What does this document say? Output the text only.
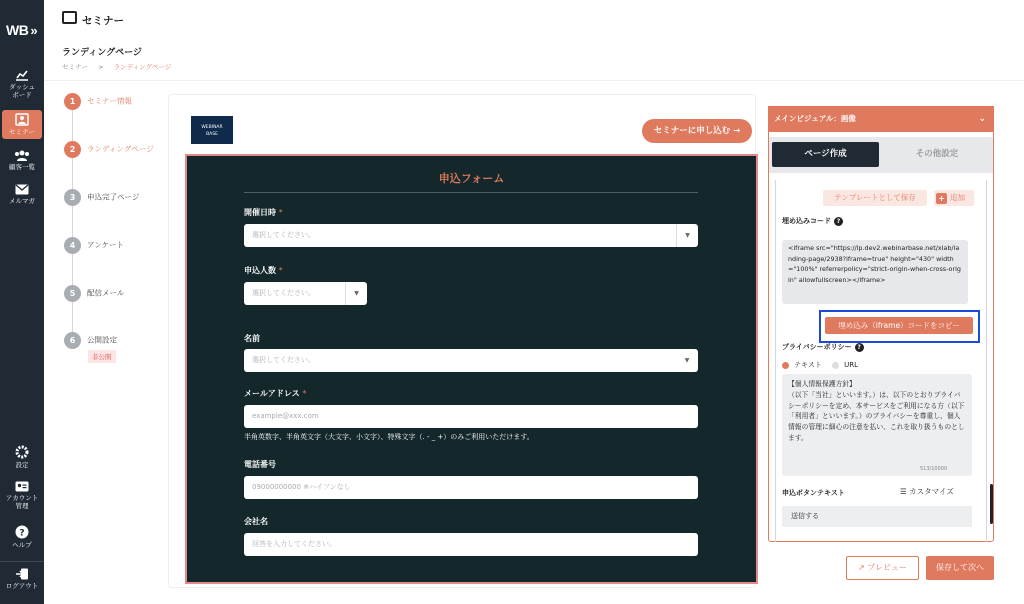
WB »
ダッシュ
ボード
セミナー
顧客一覧
メルマガ
設定
アカウント
管理
?
ヘルプ
ログアウト
セミナー
ランディングページ
セミナー > ランディングページ
1 セミナー情報
2 ランディングページ
3 申込完了ページ
4 アンケート
5 配信メール
6 公開設定
非公開
WEBINAR
BASE	セミナーに申し込む →
申込フォーム
開催日時 *
選択してください。	▼
申込人数 *
選択してください。	▼
名前
選択してください。	▼
メールアドレス *
example@xxx.com
半角英数字、半角英文字（大文字、小文字）、特殊文字（. - _ +）のみご利用いただけます。
電話番号
09000000000 ※ハイフンなし
会社名
回答を入力してください。
メインビジュアル：画像	⌄
ページ作成	その他設定
テンプレートとして保存	+ 追加
埋め込みコード ?
<iframe src="https://lp.dev2.webinarbase.net/xlab/landing-page/2938?iframe=true" height="430" width="100%" referrerpolicy="strict-origin-when-cross-origin" allowfullscreen></iframe>
埋め込み（iframe）コードをコピー
プライバシーポリシー ?
テキスト	URL
【個人情報保護方針】
（以下「当社」といいます。）は、以下のとおりプライバシーポリシーを定め、本サービスをご利用になる方（以下「利用者」といいます。）のプライバシーを尊重し、個人情報の管理に細心の注意を払い、これを取り扱うものとします。
513/10000
申込ボタンテキスト	☰ カスタマイズ
送信する
↗ プレビュー	保存して次へ
